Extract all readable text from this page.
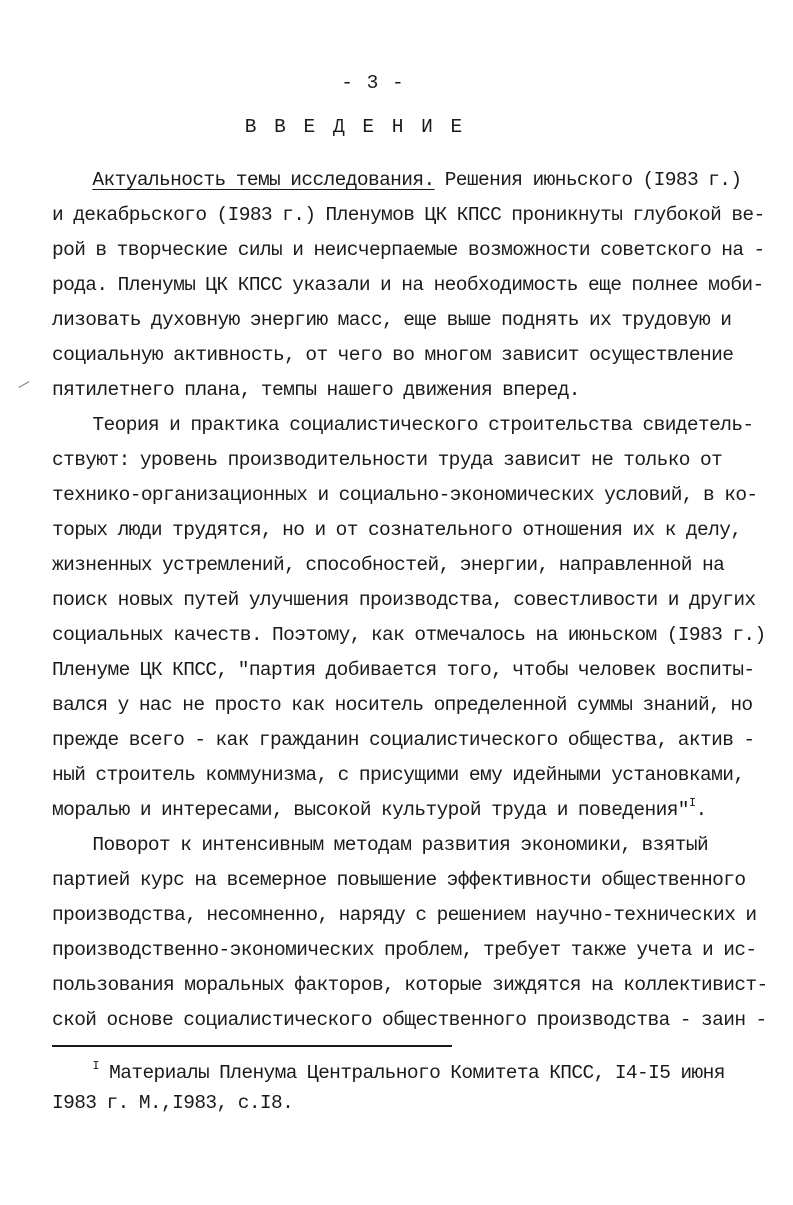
- 3 -
В В Е Д Е Н И Е
Актуальность темы исследования. Решения июньского (I983 г.)
и декабрьского (I983 г.) Пленумов ЦК КПСС проникнуты глубокой ве-
рой в творческие силы и неисчерпаемые возможности советского на -
рода. Пленумы ЦК КПСС указали и на необходимость еще полнее моби-
лизовать духовную энергию масс, еще выше поднять их трудовую и
социальную активность, от чего во многом зависит осуществление
пятилетнего плана, темпы нашего движения вперед.
Теория и практика социалистического строительства свидетель-
ствуют: уровень производительности труда зависит не только от
технико-организационных и социально-экономических условий, в ко-
торых люди трудятся, но и от сознательного отношения их к делу,
жизненных устремлений, способностей, энергии, направленной на
поиск новых путей улучшения производства, совестливости и других
социальных качеств. Поэтому, как отмечалось на июньском (I983 г.)
Пленуме ЦК КПСС, "партия добивается того, чтобы человек воспиты-
вался у нас не просто как носитель определенной суммы знаний, но
прежде всего - как гражданин социалистического общества, актив -
ный строитель коммунизма, с присущими ему идейными установками,
моралью и интересами, высокой культурой труда и поведения"$^I$.
Поворот к интенсивным методам развития экономики, взятый
партией курс на всемерное повышение эффективности общественного
производства, несомненно, наряду с решением научно-технических и
производственно-экономических проблем, требует также учета и ис-
пользования моральных факторов, которые зиждятся на коллективист-
ской основе социалистического общественного производства - заин -
$^I$ Материалы Пленума Центрального Комитета КПСС, I4-I5 июня
I983 г. М.,I983, с.I8.
